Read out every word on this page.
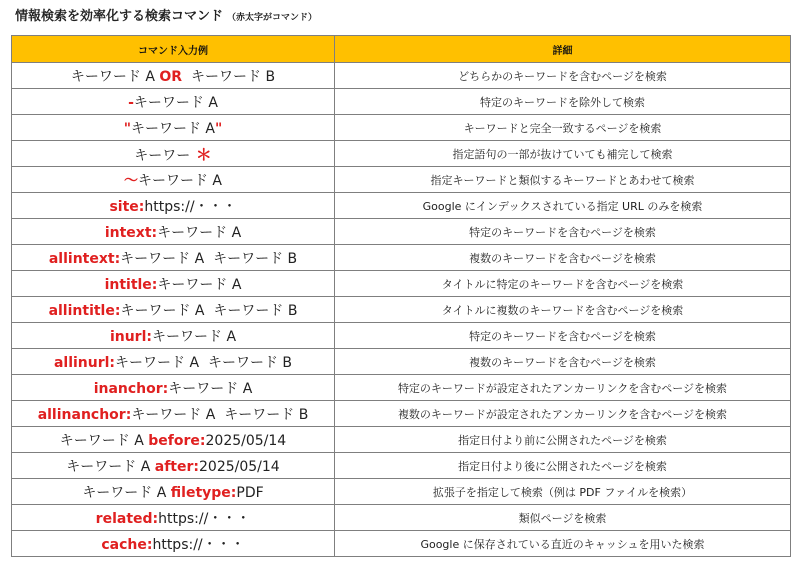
情報検索を効率化する検索コマンド （赤太字がコマンド）
コマンド入力例	詳細
キーワード A OR  キーワード B	どちらかのキーワードを含むページを検索
-キーワード A	特定のキーワードを除外して検索
"キーワード A"	キーワードと完全一致するページを検索
キーワー ＊	指定語句の一部が抜けていても補完して検索
～キーワード A	指定キーワードと類似するキーワードとあわせて検索
site:https://・・・	Google にインデックスされている指定 URL のみを検索
intext:キーワード A	特定のキーワードを含むページを検索
allintext:キーワード A  キーワード B	複数のキーワードを含むページを検索
intitle:キーワード A	タイトルに特定のキーワードを含むページを検索
allintitle:キーワード A  キーワード B	タイトルに複数のキーワードを含むページを検索
inurl:キーワード A	特定のキーワードを含むページを検索
allinurl:キーワード A  キーワード B	複数のキーワードを含むページを検索
inanchor:キーワード A	特定のキーワードが設定されたアンカーリンクを含むページを検索
allinanchor:キーワード A  キーワード B	複数のキーワードが設定されたアンカーリンクを含むページを検索
キーワード A before:2025/05/14	指定日付より前に公開されたページを検索
キーワード A after:2025/05/14	指定日付より後に公開されたページを検索
キーワード A filetype:PDF	拡張子を指定して検索（例は PDF ファイルを検索）
related:https://・・・	類似ページを検索
cache:https://・・・	Google に保存されている直近のキャッシュを用いた検索
